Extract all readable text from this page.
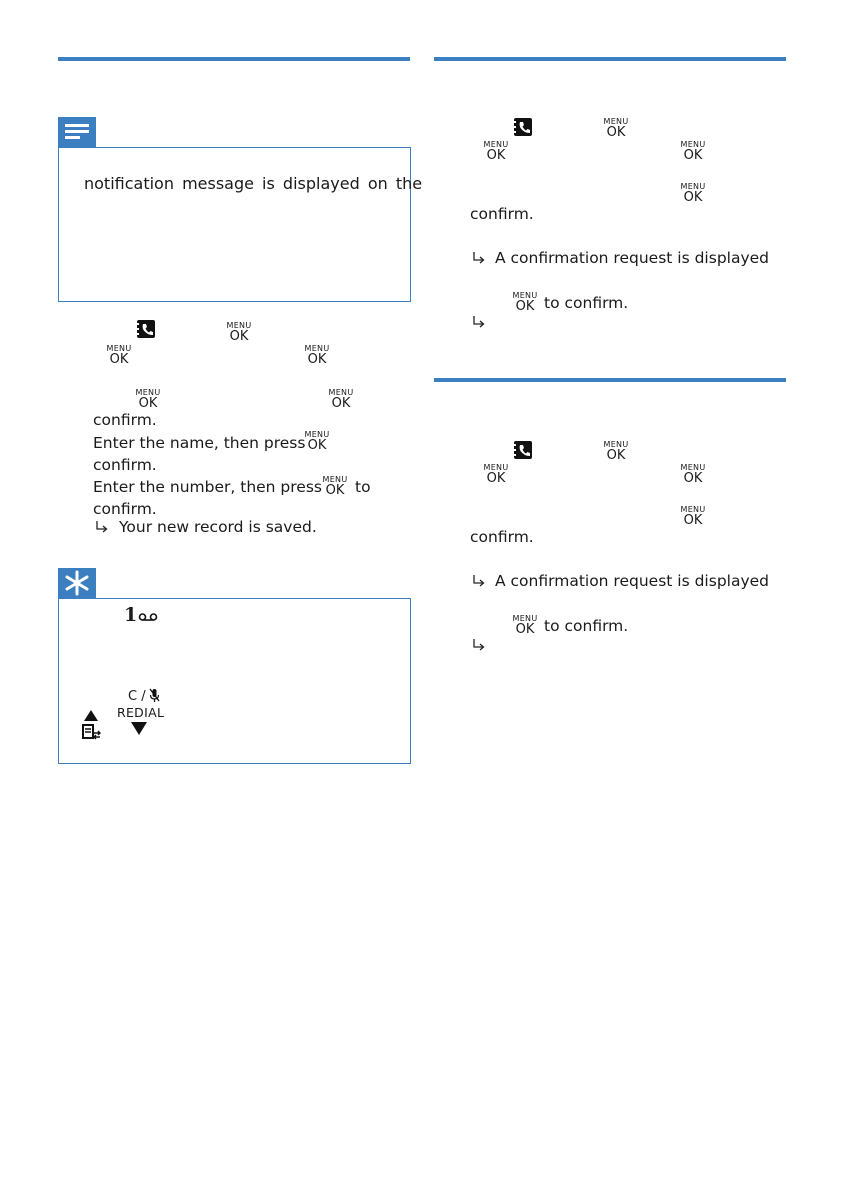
notification message is displayed on the
MENU
OK
MENU
OK
MENU
OK
MENU
OK
MENU
OK
confirm.
Enter the name, then press MENU
OK
confirm.
Enter the number, then press MENU
OK to
confirm.
Your new record is saved.
1
C /
REDIAL
MENU
OK
MENU
OK
MENU
OK
MENU
OK
confirm.
A confirmation request is displayed
MENU
OK to confirm.
MENU
OK
MENU
OK
MENU
OK
MENU
OK
confirm.
A confirmation request is displayed
MENU
OK to confirm.
